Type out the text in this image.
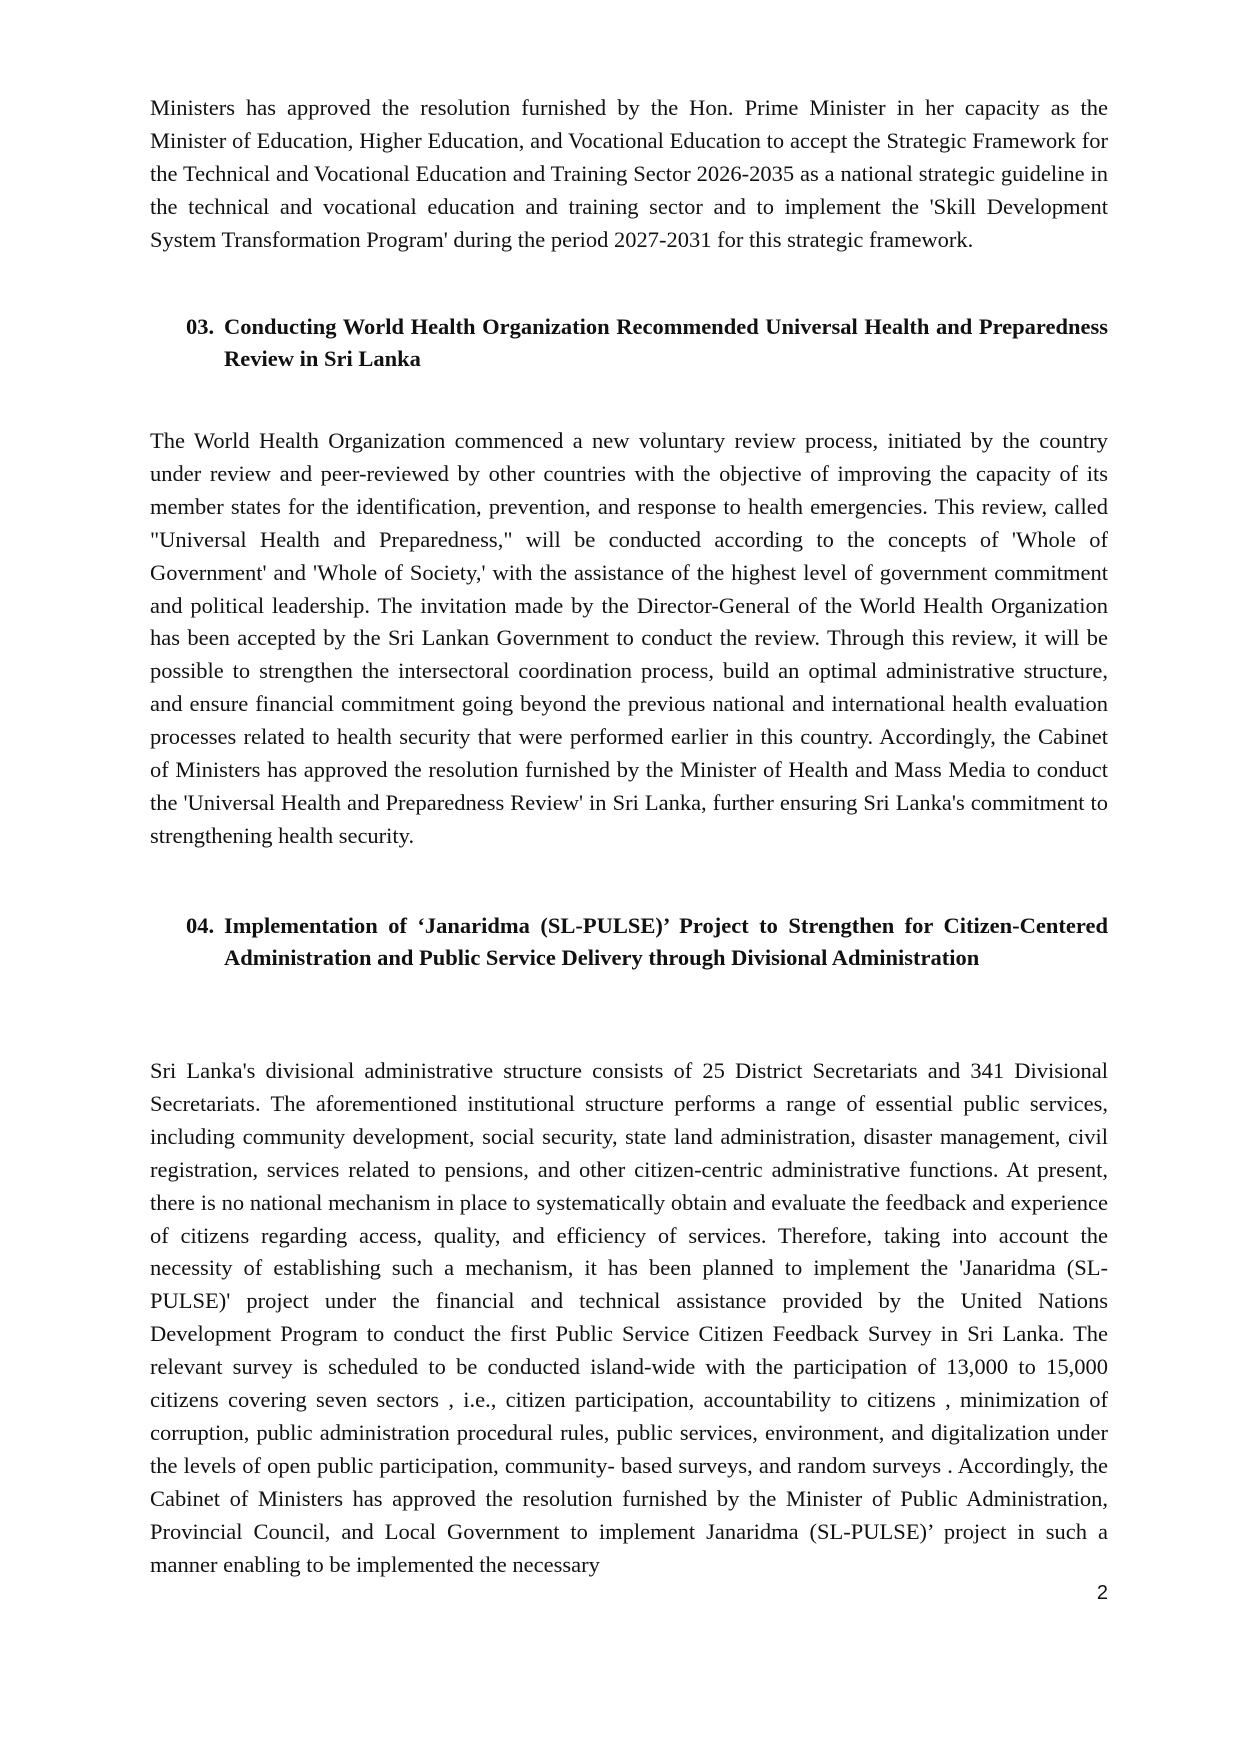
Ministers has approved the resolution furnished by the Hon. Prime Minister in her capacity as the Minister of Education, Higher Education, and Vocational Education to accept the Strategic Framework for the Technical and Vocational Education and Training Sector 2026-2035 as a national strategic guideline in the technical and vocational education and training sector and to implement the 'Skill Development System Transformation Program' during the period 2027-2031 for this strategic framework.

03. Conducting World Health Organization Recommended Universal Health and Preparedness Review in Sri Lanka

The World Health Organization commenced a new voluntary review process, initiated by the country under review and peer-reviewed by other countries with the objective of improving the capacity of its member states for the identification, prevention, and response to health emergencies. This review, called "Universal Health and Preparedness," will be conducted according to the concepts of 'Whole of Government' and 'Whole of Society,' with the assistance of the highest level of government commitment and political leadership. The invitation made by the Director-General of the World Health Organization has been accepted by the Sri Lankan Government to conduct the review. Through this review, it will be possible to strengthen the intersectoral coordination process, build an optimal administrative structure, and ensure financial commitment going beyond the previous national and international health evaluation processes related to health security that were performed earlier in this country. Accordingly, the Cabinet of Ministers has approved the resolution furnished by the Minister of Health and Mass Media to conduct the 'Universal Health and Preparedness Review' in Sri Lanka, further ensuring Sri Lanka's commitment to strengthening health security.

04. Implementation of ‘Janaridma (SL-PULSE)’ Project to Strengthen for Citizen-Centered Administration and Public Service Delivery through Divisional Administration

Sri Lanka's divisional administrative structure consists of 25 District Secretariats and 341 Divisional Secretariats. The aforementioned institutional structure performs a range of essential public services, including community development, social security, state land administration, disaster management, civil registration, services related to pensions, and other citizen-centric administrative functions. At present, there is no national mechanism in place to systematically obtain and evaluate the feedback and experience of citizens regarding access, quality, and efficiency of services. Therefore, taking into account the necessity of establishing such a mechanism, it has been planned to implement the 'Janaridma (SL-PULSE)' project under the financial and technical assistance provided by the United Nations Development Program to conduct the first Public Service Citizen Feedback Survey in Sri Lanka. The relevant survey is scheduled to be conducted island-wide with the participation of 13,000 to 15,000 citizens covering seven sectors , i.e., citizen participation, accountability to citizens , minimization of corruption, public administration procedural rules, public services, environment, and digitalization under the levels of open public participation, community- based surveys, and random surveys . Accordingly, the Cabinet of Ministers has approved the resolution furnished by the Minister of Public Administration, Provincial Council, and Local Government to implement Janaridma (SL-PULSE)’ project in such a manner enabling to be implemented the necessary

2
